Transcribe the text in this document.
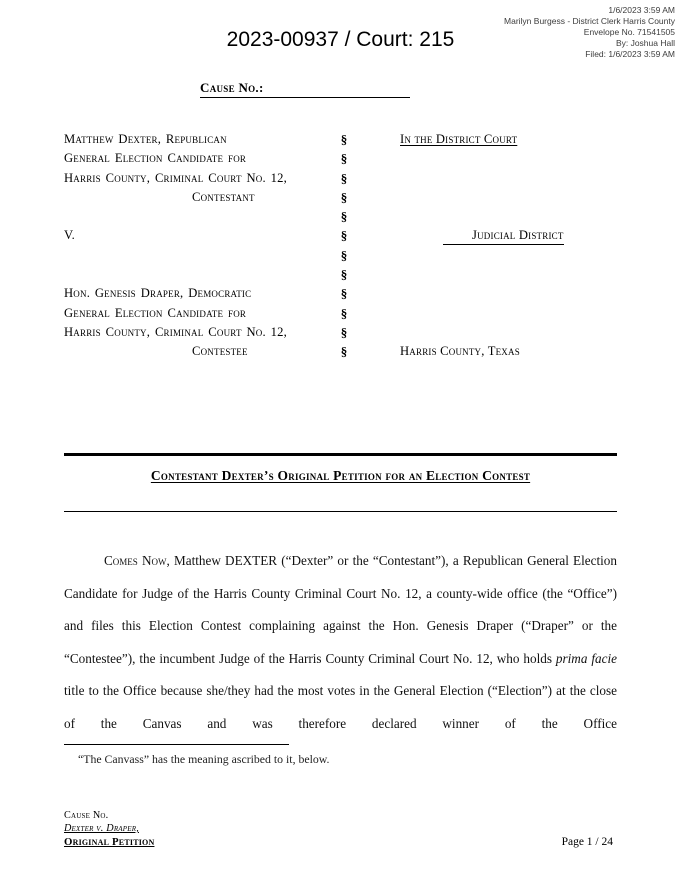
1/6/2023 3:59 AM
Marilyn Burgess - District Clerk Harris County
Envelope No. 71541505
By: Joshua Hall
Filed: 1/6/2023 3:59 AM
2023-00937 / Court: 215
Cause No.:
Matthew Dexter, Republican	§	In the District Court
General Election Candidate for	§
Harris County, Criminal Court No. 12,	§
Contestant	§
§
V.	§	Judicial District
§
§
Hon. Genesis Draper, Democratic	§
General Election Candidate for	§
Harris County, Criminal Court No. 12,	§
Contestee	§	Harris County, Texas
Contestant Dexter’s Original Petition for an Election Contest

Comes Now, Matthew DEXTER (“Dexter” or the “Contestant”), a Republican General Election Candidate for Judge of the Harris County Criminal Court No. 12, a county-wide office (the “Office”) and files this Election Contest complaining against the Hon. Genesis Draper (“Draper” or the “Contestee”), the incumbent Judge of the Harris County Criminal Court No. 12, who holds prima facie title to the Office because she/they had the most votes in the General Election (“Election”) at the close of the Canvas and was therefore declared winner of the Office

“The Canvass” has the meaning ascribed to it, below.
Cause No.
Dexter v. Draper,
Original Petition	Page 1 / 24
